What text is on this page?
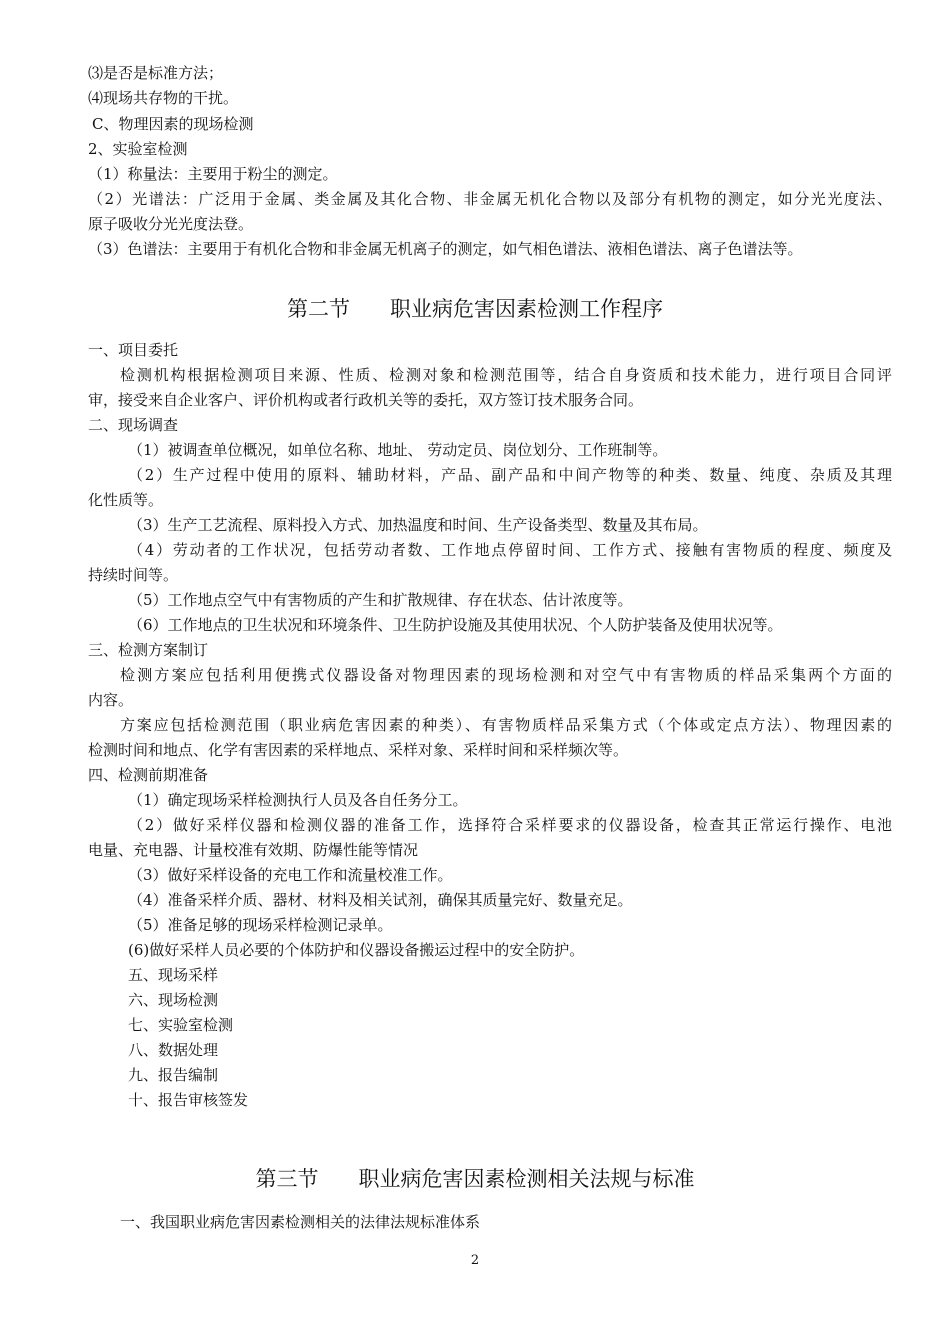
⑶是否是标准方法；
⑷现场共存物的干扰。
C、物理因素的现场检测
2、实验室检测
（1）称量法：主要用于粉尘的测定。
（2）光谱法：广泛用于金属、类金属及其化合物、非金属无机化合物以及部分有机物的测定，如分光光度法、
原子吸收分光光度法登。
（3）色谱法：主要用于有机化合物和非金属无机离子的测定，如气相色谱法、液相色谱法、离子色谱法等。
第二节      职业病危害因素检测工作程序
一、项目委托
检测机构根据检测项目来源、性质、检测对象和检测范围等，结合自身资质和技术能力，进行项目合同评
审，接受来自企业客户、评价机构或者行政机关等的委托，双方签订技术服务合同。
二、现场调查
（1）被调查单位概况，如单位名称、地址、 劳动定员、岗位划分、工作班制等。
（2）生产过程中使用的原料、辅助材料，产品、副产品和中间产物等的种类、数量、纯度、杂质及其理
化性质等。
（3）生产工艺流程、原料投入方式、加热温度和时间、生产设备类型、数量及其布局。
（4）劳动者的工作状况，包括劳动者数、工作地点停留时间、工作方式、接触有害物质的程度、频度及
持续时间等。
（5）工作地点空气中有害物质的产生和扩散规律、存在状态、估计浓度等。
（6）工作地点的卫生状况和环境条件、卫生防护设施及其使用状况、个人防护装备及使用状况等。
三、检测方案制订
检测方案应包括利用便携式仪器设备对物理因素的现场检测和对空气中有害物质的样品采集两个方面的
内容。
方案应包括检测范围（职业病危害因素的种类）、有害物质样品采集方式（个体或定点方法）、物理因素的
检测时间和地点、化学有害因素的采样地点、采样对象、采样时间和采样频次等。
四、检测前期准备
（1）确定现场采样检测执行人员及各自任务分工。
（2）做好采样仪器和检测仪器的准备工作，选择符合采样要求的仪器设备，检查其正常运行操作、电池
电量、充电器、计量校准有效期、防爆性能等情况
（3）做好采样设备的充电工作和流量校准工作。
（4）准备采样介质、器材、材料及相关试剂，确保其质量完好、数量充足。
（5）准备足够的现场采样检测记录单。
(6)做好采样人员必要的个体防护和仪器设备搬运过程中的安全防护。
五、现场采样
六、现场检测
七、实验室检测
八、数据处理
九、报告编制
十、报告审核签发
第三节      职业病危害因素检测相关法规与标准
一、我国职业病危害因素检测相关的法律法规标准体系
2
